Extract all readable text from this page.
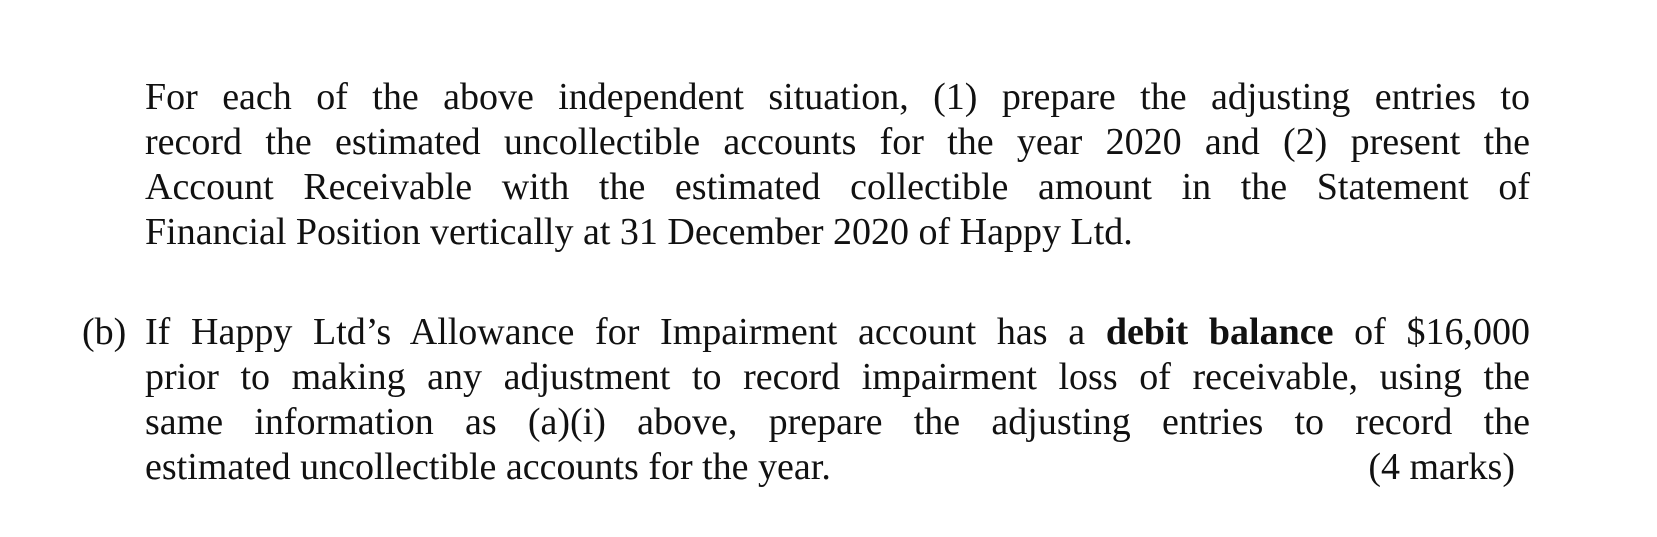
For each of the above independent situation, (1) prepare the adjusting entries to
record the estimated uncollectible accounts for the year 2020 and (2) present the
Account Receivable with the estimated collectible amount in the Statement of
Financial Position vertically at 31 December 2020 of Happy Ltd.
(b) If Happy Ltd’s Allowance for Impairment account has a debit balance of $16,000
prior to making any adjustment to record impairment loss of receivable, using the
same information as (a)(i) above, prepare the adjusting entries to record the
estimated uncollectible accounts for the year.	(4 marks)
